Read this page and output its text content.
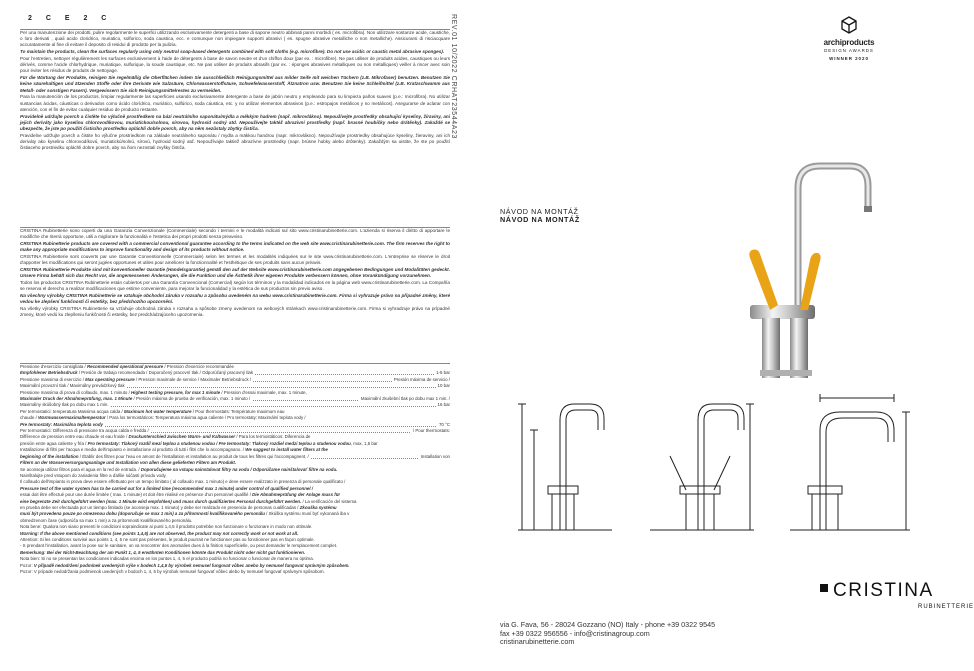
2 C E 2 C
Per una manutenzione dei prodotti, pulire regolarmente le superfici utilizzando esclusivamente detergenti a base di sapone neutro abbinati panni morbidi ( es. microfibra). Non utilizzare sostanze acide, caustiche, o loro derivati , quali acido cloridrico, muriatico, solforico, soda caustica, ecc. e comunque non impiegare supporti abrasivi ( es. spugne abrasive metalliche o non metalliche). Assicurarsi di risciacquare accuratamente al fine di evitare il deposito di residui di prodotto per la pulizia.
To maintain the products, clean the surfaces regularly using only neutral soap-based detergents combined with soft cloths (e.g. microfibre). Do not use acidic or caustic metal abrasive sponges).
Pour l'entretien, nettoyer régulièrement les surfaces exclusivement à l'aide de détergents à base de savon neutre et d'un chiffon doux (par ex. : microfibre). Ne pas utiliser de produits acides, caustiques ou leurs dérivés, comme l'acide chlorhydrique, muriatique, sulfurique, la soude caustique, etc. Ne pas utiliser de produits abrasifs (par ex. : éponges abrasives métalliques ou non métalliques) veiller à rincer avec soin pour éviter les résidus de produits de nettoyage.
Für die Wartung der Produkte, reinigen Sie regelmäßig die Oberflächen indem Sie ausschließlich Reinigungsmittel aus milder Seife mit weichen Tüchern (z.B. Mikrofaser) benutzen. Benutzen Sie keine säurehaltigen und ätzenden Stoffe oder ihre Derivate wie Salzsäure, Chlorwasserstoffsäure, Schwefelwasserstoff, Ätznatron usw. Benutzen Sie keine Schleifmittel (z.B. Kratzschwamm aus Metall- oder sonstigen Fasern). Vergewissern Sie sich Reinigungsmittelrestes zu vermeiden.
Para la manutención de los productos, limpiar regularmente las superficies usando exclusivamente detergente a base de jabón neutro y empleando para su limpieza paños suaves (p.e.: microfibra). No utilizar sustancias ácidas, cáusticas o derivados como ácido clorídrico, muriático, sulfúrico, soda cáustica, etc. y no utilizar elementos abrasivos (p.e.: estropajos metálicos y no metálicos). Asegurarse de aclarar con atención, con el fin de evitar cualquier residuo de producto restante.
Pravidelně udržujte povrch a čistěte ho výlučně prostředkem na bázi neutrálního saponátu/mýdla a měkkým hadrem (např. mikrovlákno). Nepoužívejte prostředky obsahující kyseliny, žíraviny, ani jejich deriváty jako kyselinu chlorovodíkovou, muriatickou/solnou, sírovou, hydroxid sodný atd. Nepoužívejte taktéž abrazivní prostředky (např. brusné houbičky nebo drátěnky). Zakaždé se ubezpečte, že jste po použití čisticího prostředku opláchli dobře povrch, aby na něm nezůstaly zbytky čističa.
Pravidelne udržujte povrch a čistite ho výlučne prostriedkom na základe neutrálneho saponátu / mydla a mäkkou handrou (napr. mikrovlákno). Nepoužívajte prostriedky obsahujúce kyseliny, žieraviny, ani ich deriváty ako kyselinu chlorovodíkovú, muriatickú/solnú, sírovú, hydroxid sodný atď. Nepoužívajte taktiež abrazívne prostriedky (napr. brúsne hubky alebo drôtenky). Zakaždým sa uistite, že ste po použití čistiaceho prostriedku opláchli dobre povrch, aby na ňom nezostali zvyšky čističa.
CRISTINA Rubinetterie sono coperti da una Garanzia Convenzionale (Commerciale) secondo i termini e le modalità indicati sul sito www.cristinarubinetterie.com. L'azienda si riserva il diritto di apportare le modifiche che riterrà opportune, utili a migliorare la funzionalità e l'estetica dei propri prodotti senza preavviso.
CRISTINA Rubinetterie products are covered with a commercial conventional guarantee according to the terms indicated on the web site www.cristinarubinetterie.com. The firm reserves the right to make any appropriate modifications to improve functionality and design of its products without notice.
CRISTINA Rubinetterie sont couverts par une Garantie Conventionnelle (Commerciale) selon les termes et les modalités indiquées sur le site www.cristinarubinetterie.com. L'entreprise se réserve le droit d'apporter les modifications qui seront jugées opportunes et utiles pour améliorer la fonctionnalité et l'esthétique de ses produits sans aucun préavis.
CRISTINA Rubinetterie Produkte sind mit konventioneller Garantie (Handelsgarantie) gemäß den auf der Website www.cristinarubinetterie.com angegebenen Bedingungen und Modalitäten gedeckt. Unsere Firma behält sich das Recht vor, die angemessenen Änderungen, die die Funktion und die Ästhetik ihrer eigenen Produkte verbessern können, ohne Vorankündigung vorzunehmen.
Todos los productos CRISTINA Rubinetterie están cubiertos por una Garantía Convencional (Comercial) según los términos y la modalidad indicados en la página web www.cristinarubinetterie.com. La Compañía se reserva el derecho a realizar modificaciones que estime conveniente, para mejorar la funcionalidad y la estética de sus productos sin previo aviso.
Na všechny výrobky CRISTINA Rubinetterie se vztahuje obchodní záruka v rozsahu a způsobu uvedeném na webu www.cristinarubinetterie.com. Firma si vyhrazuje právo na případné změny, které vedou ke zlepšení funkčnosti či estetiky, bez předchozího upozornění.
Na všetky výrobky CRISTINA Rubinetterie sa vzťahuje obchodná záruka v rozsahu a spôsobe zmeny uvedenom na webových stránkach www.cristinarubinetterie.com. Firma si vyhradzuje právo na prípadné zmeny, ktoré vedú ku zlepšeniu funkčnosti či estetiky, bez predchádzajúceho upozornenia.
Pressione d'esercizio consigliata / Recommended operational pressure / Pression d'exercice recommandée
Empfohlener Betriebsdruck / Presión de trabajo recomendada / Doporučený pracovní tlak / Odporúčaný pracovný tlak	1-5 bar
Pressione massima di esercizio / Max operating pressure / Pression maximale de service / Maximaler Betriebsdruck /	Presión máxima de servicio /
Maximální provozní tlak / Maximálny prevádzkový tlak	10 bar
Pressione massima di prova di collaudo, max. 1 minuto / Highest testing pressure, for max 1 minute / Pression d'essai maximale, max. 1 minute,
Maximaler Druck der Abnahmeprüfung, max. 1 Minute / Presión máxima de prueba de verificación, max. 1 minuto /	Maximální zkušební tlak po dobu max 1 min. /
Maximálny skúšobný tlak po dobu max 1 min.	16 bar
Per termostatici: temperatura Massima acqua calda / Maximum hot water temperature / Pour thermostats: Température maximum eau
chaude / Warmwassermaximaltemperatur / Para los termostáticos: Temperatura máxima agua caliente / Pro termostaty: Maximální teplota vody /
Pre termostaty: Maximálna teplota vody	70 °C
Per termostatici: Differenza di pressione tra acqua calda e fredda /	/ Pour thermostats:
Différence de pression entre eau chaude et eau froide / Druckunterschied zwischen Warm- und Kaltwasser / Para los termostáticos: Diferencia de
presión entre agua caliente y fría / Pro termostaty: Tlakový rozdíl mezi teplou a studenou vodou / Pre termostaty: Tlakový rozdiel medzi teplou a studenou vodou, max. 1,5 bar
Installazione di filtri per l'acqua e media dell'impianto e installazione al prodotto di tutti i filtri che lo accompagnano. / We suggest to install water filters at the
beginning of the installation / Établir des filtres pour l'eau en amont de l'installation et installation au produit de tous les filtres qui l'accompagnent. /	Installation von
Filtern an der Wasserversorgungsanlage und Installation von allen diese gelieferten Filtern am Produkt.
Se aconseja utilizar filtros para el agua en la red de entrada. / Doporučujeme na vstupu nainstalovat filtry na vodu / Odporúčame nainštalovať filtre na vodu.
Nainštalujte pred vstupom do zariadenia filtre a ďalšie súčasti prívodu vody.
Il collaudo dell'impianto in prova deve essere effettuato per un tempo limitato ( al collaudo max. 1 minuto) e deve essere realizzato in presenza di personale qualificato /
Pressure test of the water system has to be carried out for a limited time (recommended max 1 minute) under control of qualified personnel /
essai doit être effectué pour une durée limitée ( max. 1 minute) et doit être réalisé en présence d'un personnel qualifié / Die Abnahmeprüfung der Anlage muss für
eine begrenzte Zeit durchgeführt werden (max. 1 Minute wird empfohlen) und muss durch qualifiziertes Personal durchgeführt werden. / La verificación del sistema
en prueba debe ser efectuada por un tiempo limitado (se aconseja max. 1 minuto) y debe ser realizado en presencia de personas cualificadas / Zkouška systému
musí být provedena pouze po omezenou dobu (doporučuje se max 1 min) a za přítomnosti kvalifikovaného personálu / Skúška systému musí byť vykonaná iba v
obmedzenom čase (odporúča sa max 1 min) a za prítomnosti kvalifikovaného personálu.
Nota bene: Qualora non siano presenti le condizioni sopraindicate ai punti 1,4,5 il prodotto potrebbe non funzionare o funzionare in modo non ottimale.
Warning: If the above mentioned conditions (see points 1,4,5) are not observed, the product may not correctly work or not work at all.
Attention: Si les conditions susvisé aux points 1, 4, 5 ne sont pas présentes, le produit pourrait ne fonctionner pas ou fonctionner pas en façon optimale.
- S prendant l'installation, avant la pose sur le sanitaire, on va rencontrer des anomalies dues à la finition superficielle, ou peut demander le remplacement complet.
Bemerkung: Bei der Nicht-Beachtung der am Punkt 1, 4, 5 erwähnten Konditionen könnte das Produkt nicht oder nicht gut funktionieren.
Nota bien: Si no se presentan las condiciones indicadas encima en los puntos 1, 4, 5 el producto podría no funcionar o funcionar de manera no óptima.
Pozor: V případě nedodržení podmínek uvedených výše v bodech 1,4,5 by výrobek nemusel fungovat vůbec anebo by nemusel fungovat správným způsobem.
Pozor: V prípade nedodržania podmienok uvedených v bodoch 1, 4, 5 by výrobok nemusel fungovať vôbec alebo by nemusel fungovať správnym spôsobom.
REV.01 10/2022 CRHAT23544A23	archiproducts
DESIGN AWARDS
WINNER 2020
NÁVOD NA MONTÁŽ
NÁVOD NA MONTÁŽ
CRISTINA
RUBINETTERIE
via G. Fava, 56 - 28024 Gozzano (NO) Italy - phone +39 0322 9545
fax +39 0322 956556 - info@cristinagroup.com
cristinarubinetterie.com
